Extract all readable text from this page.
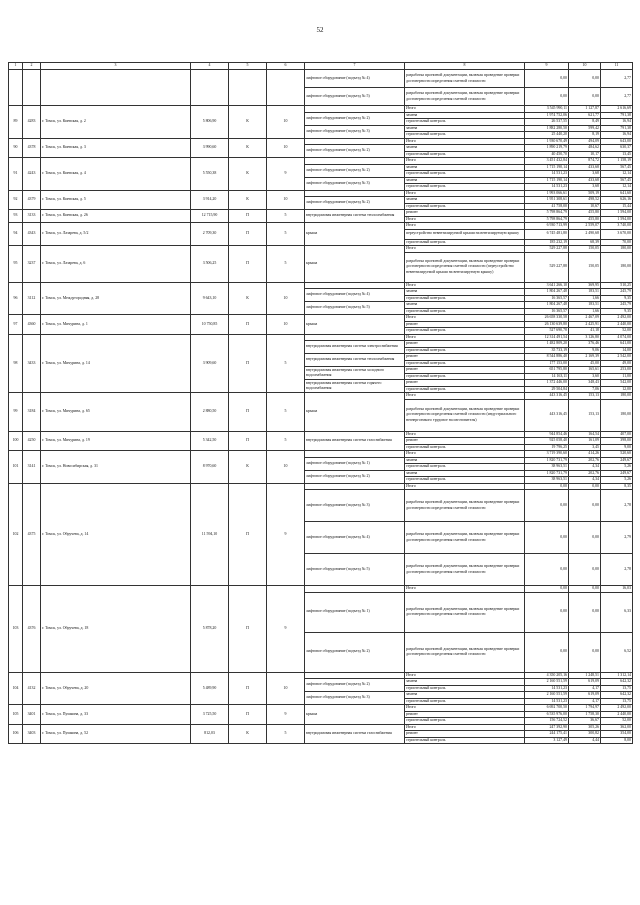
52
1	2	3	4	5	6	7	8	9	10	11
						лифтовое оборудование (подъезд № 4)	разработка проектной документации, включая проведение проверки достоверности определения сметной стоимости	0,00	0,00	2,77
						лифтовое оборудование (подъезд № 5)	разработка проектной документации, включая проведение проверки достоверности определения сметной стоимости	0,00	0,00	2,77
89	4283	г. Томск, ул. Киевская, д. 2	5 806,90	К	10		Итого	3 545 990,11	1 127,87	2 616,69
						лифтовое оборудование (подъезд № 2)	замена	1 974 752,06	621,77	791,38
							строительный контроль	26 537,55	8,49	16,94
						лифтовое оборудование (подъезд № 3)	замена	1 882 280,50	599,42	791,38
							строительный контроль	25 440,20	8,19	16,94
90	4378	г. Томск, ул. Киевская, д. 3	3 990,60	К	10		Итого	1 930 670,49	494,09	643,00
						лифтовое оборудование (подъезд № 2)	замена	1 890 219,79	484,62	630,37
							строительный контроль	40 450,70	10,17	13,45
91	4243	г. Томск, ул. Киевская, д. 4	5 550,38	К	9		Итого	3 451 432,84	874,72	1 158,19
						лифтовое оборудование (подъезд № 2)	замена	1 715 190,14	433,68	567,45
							строительный контроль	14 531,23	3,68	12,14
						лифтовое оборудование (подъезд № 3)	замена	1 715 190,14	433,68	567,45
							строительный контроль	14 531,23	3,68	12,14
92	4379	г. Томск, ул. Киевская, д. 5	3 914,20	К	10		Итого	1 993 066,61	509,19	641,60
						лифтовое оборудование (подъезд № 2)	замена	1 951 308,61	498,52	626,16
							строительный контроль	41 758,00	10,67	15,44
93	3133	г. Томск, ул. Киевская, д. 26	12 715,90	П	5	внутридомовая инженерная система теплоснабжения	ремонт	5 798 864,79	455,80	1 594,00
							Итого	5 798 864,79	455,80	1 594,00
94	4343	г. Томск, ул. Лазарева, д. 5/2	2 709,30	П	5	крыша	Итого	6 930 713,99	2 559,07	3 740,00
							переустройство невентилируемой крыши на вентилируемую крышу	6 745 481,80	2 490,68	3 670,00
							строительный контроль	185 232,19	68,39	70,00
95	3237	г. Томск, ул. Лазарева, д. 6	3 506,25	П	5	крыша	Итого	529 227,88	150,05	180,00
							разработка проектной документации, включая проведение проверки достоверности определения сметной стоимости (переустройство невентилируемой крыши на вентилируемую крышу)	529 227,88	150,05	180,00
96	3112	г. Томск, ул. Междугородняя, д. 28	9 643,10	К	10		Итого	3 641 266,10	369,95	510,25
						лифтовое оборудование (подъезд № 4)	замена	1 804 267,48	183,51	245,79
							строительный контроль	16 365,57	1,66	9,35
						лифтовое оборудование (подъезд № 5)	замена	1 804 267,48	183,51	245,79
							строительный контроль	16 365,57	1,66	9,35
97	4360	г. Томск, ул. Мичурина, д. 1	10 750,85	П	10	крыша	Итого	26 658 330,58	2 467,09	2 492,00
							ремонт	26 130 639,80	2 425,91	2 440,00
							строительный контроль	527 690,78	41,18	52,00
98	3433	г. Томск, ул. Мичурина, д. 14	3 909,60	П	5		Итого	12 314 491,54	3 126,80	4 074,00
						внутридомовая инженерная система электроснабжения	ремонт	1 482 809,20	376,46	641,00
							строительный контроль	35 733,19	9,06	14,00
						внутридомовая инженерная система теплоснабжения	ремонт	8 544 886,40	2 169,39	2 542,00
							строительный контроль	177 153,00	45,00	49,00
						внутридомовая инженерная система холодного водоснабжения	ремонт	651 795,80	165,61	253,00
							строительный контроль	14 163,11	3,60	11,00
						внутридомовая инженерная система горячего водоснабжения	ремонт	1 372 446,00	348,43	542,00
							строительный контроль	29 504,84	7,06	12,00
99	3184	г. Томск, ул. Мичурина, д. 65	2 880,50	П	5	крыша	Итого	443 316,45	153,13	180,00
							разработка проектной документации, включая проведение проверки достоверности определения сметной стоимости (индустриального неэнергоемкого трудовое на изготовителя)	443 316,45	153,13	180,00
100	4250	г. Томск, ул. Мичурина, д. 19	5 342,50	П	5	внутридомовая инженерная система газоснабжения	Итого	944 854,46	164,54	407,00
							ремонт	925 058,40	161,09	398,00
							строительный контроль	19 796,25	3,45	9,00
101	3141	г. Томск, ул. Новосибирская, д. 31	8 970,60	К	10		Итого	3 719 390,60	414,26	520,60
						лифтовое оборудование (подъезд № 1)	замена	1 820 731,79	202,76	249,67
							строительный контроль	38 963,51	4,34	5,26
						лифтовое оборудование (подъезд № 2)	замена	1 820 731,79	202,76	249,67
							строительный контроль	38 963,51	4,34	5,26
102	4375	г. Томск, ул. Обручева, д. 14	11 594,10	П	9		Итого	0,00	0,00	8,35
						лифтовое оборудование (подъезд № 3)	разработка проектной документации, включая проведение проверки достоверности определения сметной стоимости	0,00	0,00	2,78
						лифтовое оборудование (подъезд № 4)	разработка проектной документации, включая проведение проверки достоверности определения сметной стоимости	0,00	0,00	2,79
						лифтовое оборудование (подъезд № 5)	разработка проектной документации, включая проведение проверки достоверности определения сметной стоимости	0,00	0,00	2,78
103	4376	г. Томск, ул. Обручева, д. 18	5 878,20	П	9		Итого	0,00	0,00	16,03
						лифтовое оборудование (подъезд № 1)	разработка проектной документации, включая проведение проверки достоверности определения сметной стоимости	0,00	0,00	6,33
						лифтовое оборудование (подъезд № 2)	разработка проектной документации, включая проведение проверки достоверности определения сметной стоимости	0,00	0,00	6,52
104	4132	г. Томск, ул. Обручева, д. 20	5 489,90	П	10		Итого	4 350 205,16	1 248,51	1 312,14
						лифтовое оборудование (подъезд № 2)	замена	2 160 551,59	619,09	642,32
							строительный контроль	14 531,23	4,17	13,75
						лифтовое оборудование (подъезд № 3)	замена	2 160 551,59	619,09	642,32
							строительный контроль	14 531,23	4,17	13,75
105	3401	г. Томск, ул. Пушкина, д. 33	3 725,50	П	9	крыша	Итого	6 692 700,50	1 794,97	2 492,00
							ремонт	6 535 976,00	1 758,30	2 440,00
							строительный контроль	156 724,52	36,67	52,00
106	3403	г. Томск, ул. Пушкина, д. 52	812,03	К	5	внутридомовая инженерная система газоснабжения	Итого	247 392,90	305,26	362,00
							ремонт	244 175,41	300,82	354,00
							строительный контроль	3 127,49	4,44	8,00
